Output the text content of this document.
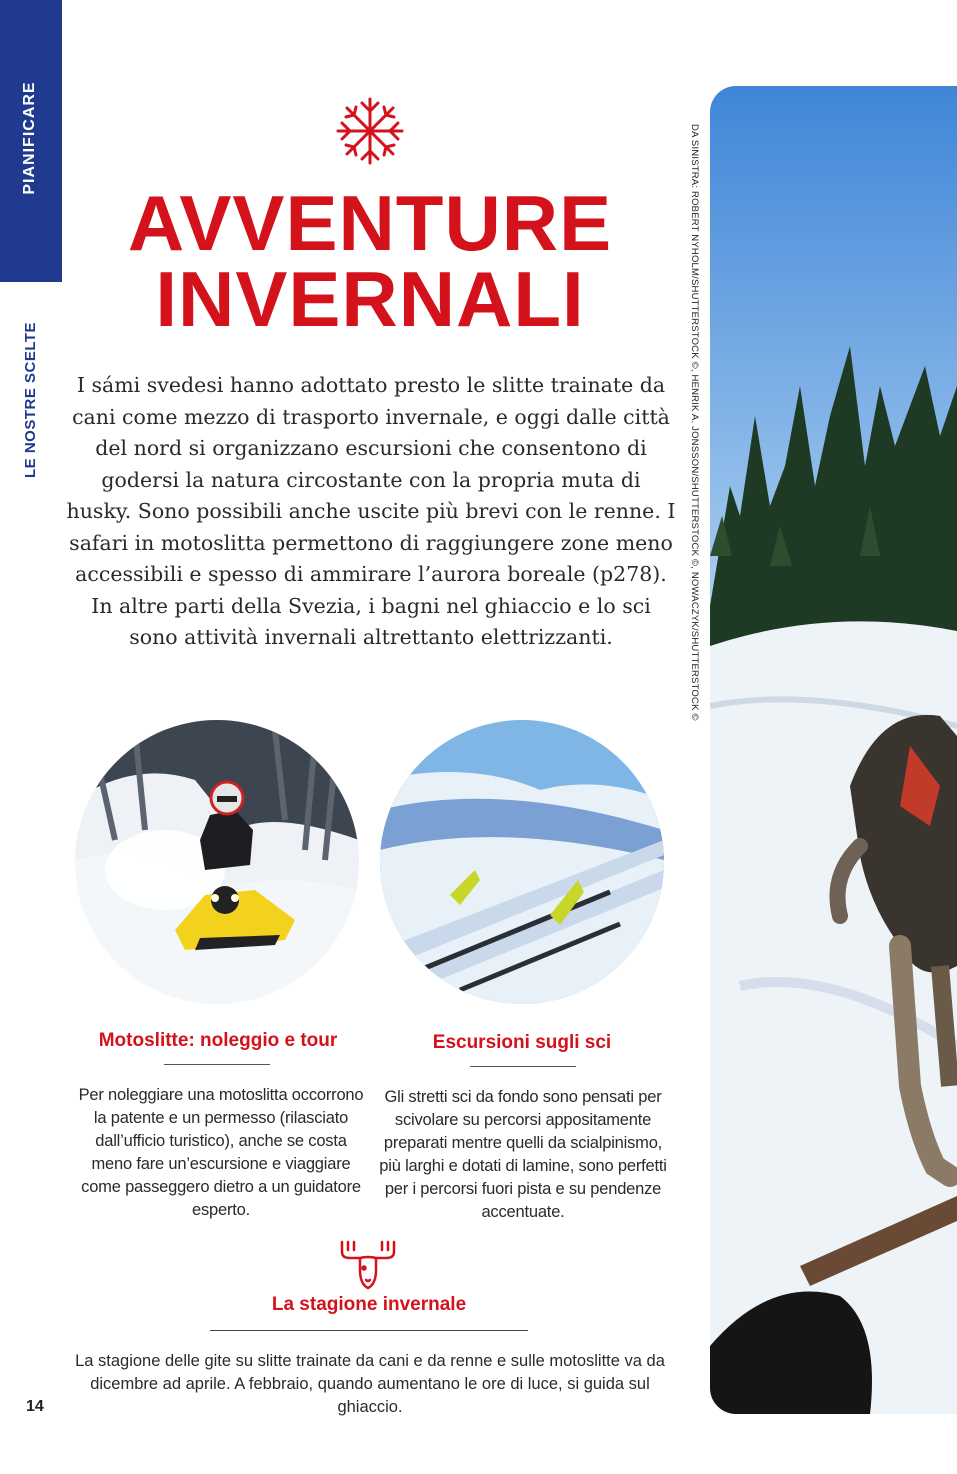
PIANIFICARE
LE NOSTRE SCELTE
AVVENTURE
INVERNALI
I sámi svedesi hanno adottato presto le slitte trainate da cani come mezzo di trasporto invernale, e oggi dalle città del nord si organizzano escursioni che consentono di godersi la natura circostante con la propria muta di husky. Sono possibili anche uscite più brevi con le renne. I safari in motoslitta permettono di raggiungere zone meno accessibili e spesso di ammirare l’aurora boreale (p278). In altre parti della Svezia, i bagni nel ghiaccio e lo sci sono attività invernali altrettanto elettrizzanti.
Motoslitte: noleggio e tour
Per noleggiare una motoslitta occorrono la patente e un permesso (rilasciato dall’ufficio turistico), anche se costa meno fare un’escursione e viaggiare come passeggero dietro a un guidatore esperto.
Escursioni sugli sci
Gli stretti sci da fondo sono pensati per scivolare su percorsi appositamente preparati mentre quelli da scialpinismo, più larghi e dotati di lamine, sono perfetti per i percorsi fuori pista e su pendenze accentuate.
La stagione invernale
La stagione delle gite su slitte trainate da cani e da renne e sulle motoslitte va da dicembre ad aprile. A febbraio, quando aumentano le ore di luce, si guida sul ghiaccio.
14
DA SINISTRA: ROBERT NYHOLM/SHUTTERSTOCK ©, HENRIK A. JONSSON/SHUTTERSTOCK ©, NOWACZYK/SHUTTERSTOCK ©
